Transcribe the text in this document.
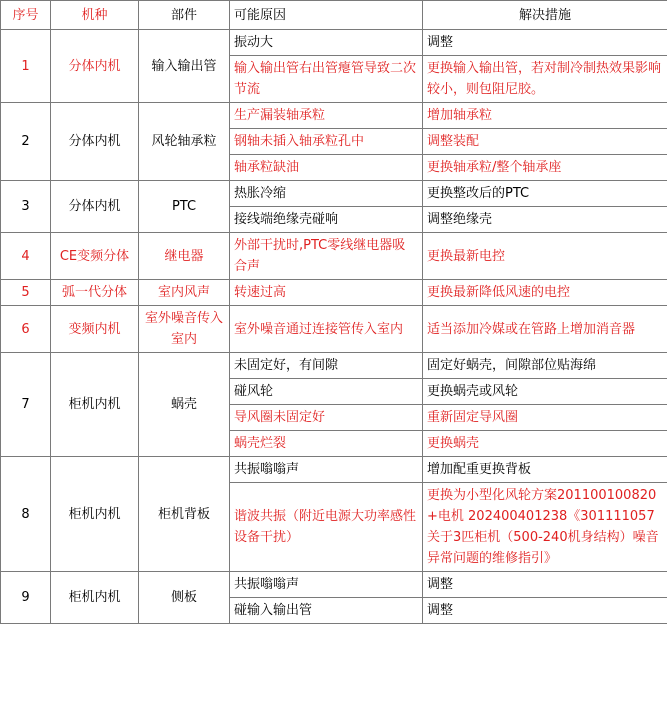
序号	机种	部件	可能原因	解决措施
1	分体内机	输入输出管	振动大	调整
			输入输出管右出管瘪管导致二次节流	更换输入输出管，若对制冷制热效果影响较小，则包阻尼胶。
2	分体内机	风轮轴承粒	生产漏装轴承粒	增加轴承粒
			钢轴未插入轴承粒孔中	调整装配
			轴承粒缺油	更换轴承粒/整个轴承座
3	分体内机	PTC	热胀冷缩	更换整改后的PTC
			接线端绝缘壳碰响	调整绝缘壳
4	CE变频分体	继电器	外部干扰时,PTC零线继电器吸合声	更换最新电控
5	弧一代分体	室内风声	转速过高	更换最新降低风速的电控
6	变频内机	室外噪音传入室内	室外噪音通过连接管传入室内	适当添加冷媒或在管路上增加消音器
7	柜机内机	蜗壳	未固定好，有间隙	固定好蜗壳，间隙部位贴海绵
			碰风轮	更换蜗壳或风轮
			导风圈未固定好	重新固定导风圈
			蜗壳烂裂	更换蜗壳
8	柜机内机	柜机背板	共振嗡嗡声	增加配重更换背板
			谐波共振（附近电源大功率感性设备干扰）	更换为小型化风轮方案201100100820+电机 202400401238《301111057关于3匹柜机（500-240机身结构）噪音异常问题的维修指引》
9	柜机内机	侧板	共振嗡嗡声	调整
			碰输入输出管	调整
